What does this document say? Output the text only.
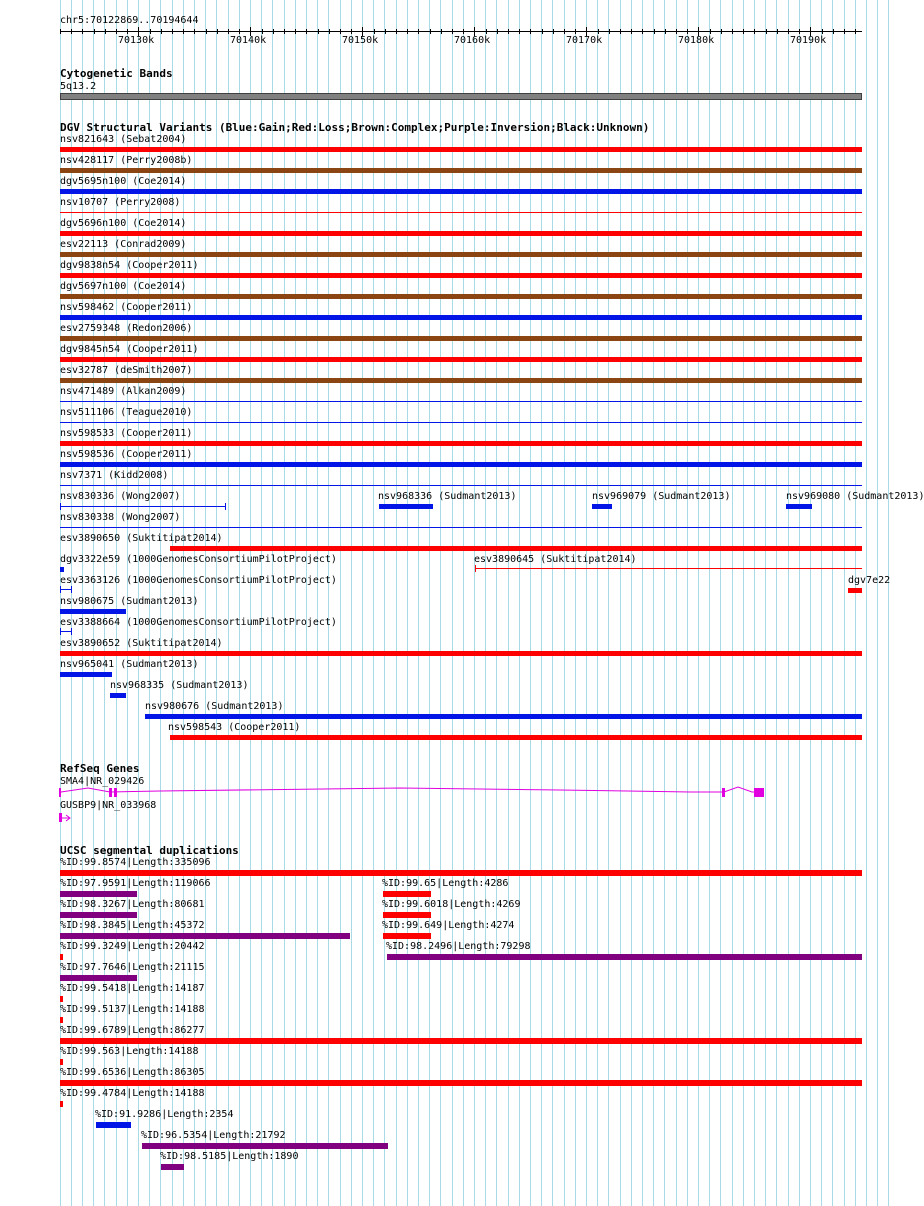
chr5:70122869..70194644
70130k	70140k	70150k	70160k	70170k	70180k	70190k
Cytogenetic Bands
5q13.2
DGV Structural Variants (Blue:Gain;Red:Loss;Brown:Complex;Purple:Inversion;Black:Unknown)
nsv821643 (Sebat2004)
nsv428117 (Perry2008b)
dgv5695n100 (Coe2014)
nsv10707 (Perry2008)
dgv5696n100 (Coe2014)
esv22113 (Conrad2009)
dgv9838n54 (Cooper2011)
dgv5697n100 (Coe2014)
nsv598462 (Cooper2011)
esv2759348 (Redon2006)
dgv9845n54 (Cooper2011)
esv32787 (deSmith2007)
nsv471489 (Alkan2009)
nsv511106 (Teague2010)
nsv598533 (Cooper2011)
nsv598536 (Cooper2011)
nsv7371 (Kidd2008)
nsv830336 (Wong2007)	nsv968336 (Sudmant2013)	nsv969079 (Sudmant2013)	nsv969080 (Sudmant2013)
nsv830338 (Wong2007)
esv3890650 (Suktitipat2014)
dgv3322e59 (1000GenomesConsortiumPilotProject)	esv3890645 (Suktitipat2014)
esv3363126 (1000GenomesConsortiumPilotProject)	dgv7e22
nsv980675 (Sudmant2013)
esv3388664 (1000GenomesConsortiumPilotProject)
esv3890652 (Suktitipat2014)
nsv965041 (Sudmant2013)
nsv968335 (Sudmant2013)
nsv980676 (Sudmant2013)
nsv598543 (Cooper2011)
RefSeq Genes
SMA4|NR_029426
GUSBP9|NR_033968
UCSC segmental duplications
%ID:99.8574|Length:335096
%ID:97.9591|Length:119066	%ID:99.65|Length:4286
%ID:98.3267|Length:80681	%ID:99.6018|Length:4269
%ID:98.3845|Length:45372	%ID:99.649|Length:4274
%ID:99.3249|Length:20442	%ID:98.2496|Length:79298
%ID:97.7646|Length:21115
%ID:99.5418|Length:14187
%ID:99.5137|Length:14188
%ID:99.6789|Length:86277
%ID:99.563|Length:14188
%ID:99.6536|Length:86305
%ID:99.4784|Length:14188
%ID:91.9286|Length:2354
%ID:96.5354|Length:21792
%ID:98.5185|Length:1890
